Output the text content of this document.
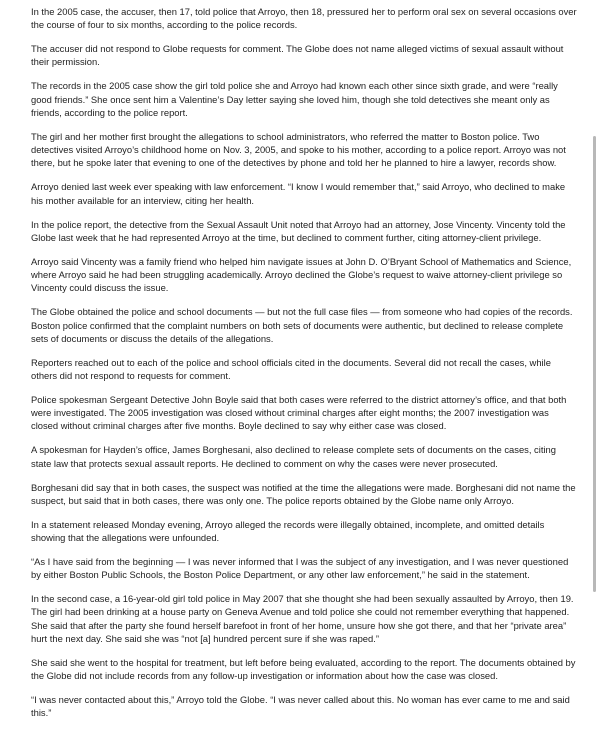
In the 2005 case, the accuser, then 17, told police that Arroyo, then 18, pressured her to perform oral sex on several occasions over the course of four to six months, according to the police records.

The accuser did not respond to Globe requests for comment. The Globe does not name alleged victims of sexual assault without their permission.

The records in the 2005 case show the girl told police she and Arroyo had known each other since sixth grade, and were “really good friends.” She once sent him a Valentine’s Day letter saying she loved him, though she told detectives she meant only as friends, according to the police report.

The girl and her mother first brought the allegations to school administrators, who referred the matter to Boston police. Two detectives visited Arroyo’s childhood home on Nov. 3, 2005, and spoke to his mother, according to a police report. Arroyo was not there, but he spoke later that evening to one of the detectives by phone and told her he planned to hire a lawyer, records show.

Arroyo denied last week ever speaking with law enforcement. “I know I would remember that,” said Arroyo, who declined to make his mother available for an interview, citing her health.

In the police report, the detective from the Sexual Assault Unit noted that Arroyo had an attorney, Jose Vincenty. Vincenty told the Globe last week that he had represented Arroyo at the time, but declined to comment further, citing attorney-client privilege.

Arroyo said Vincenty was a family friend who helped him navigate issues at John D. O’Bryant School of Mathematics and Science, where Arroyo said he had been struggling academically. Arroyo declined the Globe’s request to waive attorney-client privilege so Vincenty could discuss the issue.

The Globe obtained the police and school documents — but not the full case files — from someone who had copies of the records. Boston police confirmed that the complaint numbers on both sets of documents were authentic, but declined to release complete sets of documents or discuss the details of the allegations.

Reporters reached out to each of the police and school officials cited in the documents. Several did not recall the cases, while others did not respond to requests for comment.

Police spokesman Sergeant Detective John Boyle said that both cases were referred to the district attorney’s office, and that both were investigated. The 2005 investigation was closed without criminal charges after eight months; the 2007 investigation was closed without criminal charges after five months. Boyle declined to say why either case was closed.

A spokesman for Hayden’s office, James Borghesani, also declined to release complete sets of documents on the cases, citing state law that protects sexual assault reports. He declined to comment on why the cases were never prosecuted.

Borghesani did say that in both cases, the suspect was notified at the time the allegations were made. Borghesani did not name the suspect, but said that in both cases, there was only one. The police reports obtained by the Globe name only Arroyo.

In a statement released Monday evening, Arroyo alleged the records were illegally obtained, incomplete, and omitted details showing that the allegations were unfounded.

“As I have said from the beginning — I was never informed that I was the subject of any investigation, and I was never questioned by either Boston Public Schools, the Boston Police Department, or any other law enforcement,” he said in the statement.

In the second case, a 16-year-old girl told police in May 2007 that she thought she had been sexually assaulted by Arroyo, then 19. The girl had been drinking at a house party on Geneva Avenue and told police she could not remember everything that happened. She said that after the party she found herself barefoot in front of her home, unsure how she got there, and that her “private area” hurt the next day. She said she was “not [a] hundred percent sure if she was raped.”

She said she went to the hospital for treatment, but left before being evaluated, according to the report. The documents obtained by the Globe did not include records from any follow-up investigation or information about how the case was closed.

“I was never contacted about this,” Arroyo told the Globe. “I was never called about this. No woman has ever came to me and said this.”
